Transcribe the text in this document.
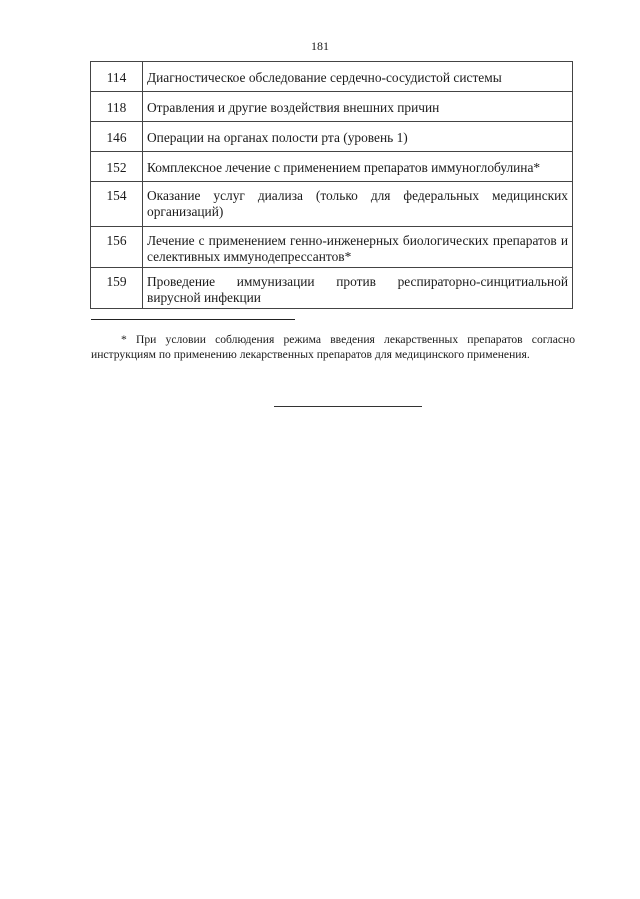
181
114	Диагностическое обследование сердечно-сосудистой системы
118	Отравления и другие воздействия внешних причин
146	Операции на органах полости рта (уровень 1)
152	Комплексное лечение с применением препаратов иммуноглобулина*
154	Оказание услуг диализа (только для федеральных медицинских организаций)
156	Лечение с применением генно-инженерных биологических препаратов и селективных иммунодепрессантов*
159	Проведение иммунизации против респираторно-синцитиальной вирусной инфекции
* При условии соблюдения режима введения лекарственных препаратов согласно инструкциям по применению лекарственных препаратов для медицинского применения.
